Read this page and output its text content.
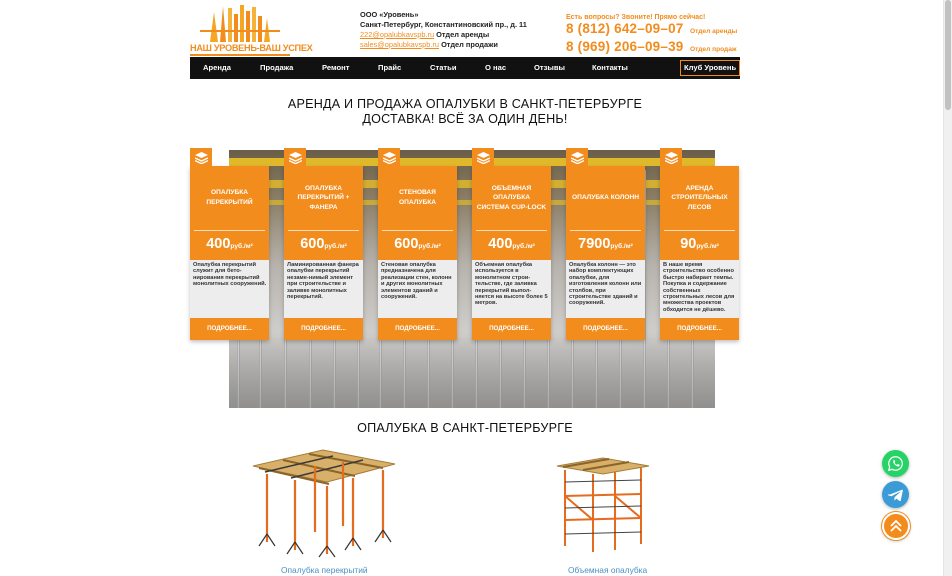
НАШ УРОВЕНЬ-ВАШ УСПЕХ
ООО «Уровень»
Санкт-Петербург, Константиновский пр., д. 11
222@opalubkavspb.ru Отдел аренды
sales@opalubkavspb.ru Отдел продажи
Есть вопросы? Звоните! Прямо сейчас!
8 (812) 642–09–07 Отдел аренды
8 (969) 206–09–39 Отдел продаж
Аренда	Продажа	Ремонт	Прайс	Статьи	О нас	Отзывы	Контакты	Клуб Уровень
АРЕНДА И ПРОДАЖА ОПАЛУБКИ В САНКТ-ПЕТЕРБУРГЕ
ДОСТАВКА! ВСЁ ЗА ОДИН ДЕНЬ!
ОПАЛУБКА ПЕРЕКРЫТИЙ
400руб./м²
Опалубка перекрытий служит для бето-нирования перекрытий монолитных сооружений.
ПОДРОБНЕЕ...
ОПАЛУБКА ПЕРЕКРЫТИЙ + ФАНЕРА
600руб./м²
Ламинированная фанера опалубки перекрытий незаме-нимый элемент при строительстве и заливке монолитных перекрытий.
ПОДРОБНЕЕ...
СТЕНОВАЯ ОПАЛУБКА
600руб./м²
Стеновая опалубка предназначена для реализации стен, колонн и других монолитных элементов зданий и сооружений.
ПОДРОБНЕЕ...
ОБЪЕМНАЯ ОПАЛУБКА СИСТЕМА CUP-LOCK
400руб./м²
Объемная опалубка используется в монолитном строи-тельстве, где заливка перекрытий выпол-няется на высоте более 5 метров.
ПОДРОБНЕЕ...
ОПАЛУБКА КОЛОНН
7900руб./м²
Опалубка колонн — это набор комплектующих опалубки, для изготовления колонн или столбов, при строительстве зданий и сооружений.
ПОДРОБНЕЕ...
АРЕНДА СТРОИТЕЛЬНЫХ ЛЕСОВ
90руб./м²
В наше время строительство особенно быстро набирает темпы. Покупка и содержание собственных строительных лесов для множества проектов обходится не дёшево.
ПОДРОБНЕЕ...
ОПАЛУБКА В САНКТ-ПЕТЕРБУРГЕ
Опалубка перекрытий	Объемная опалубка
